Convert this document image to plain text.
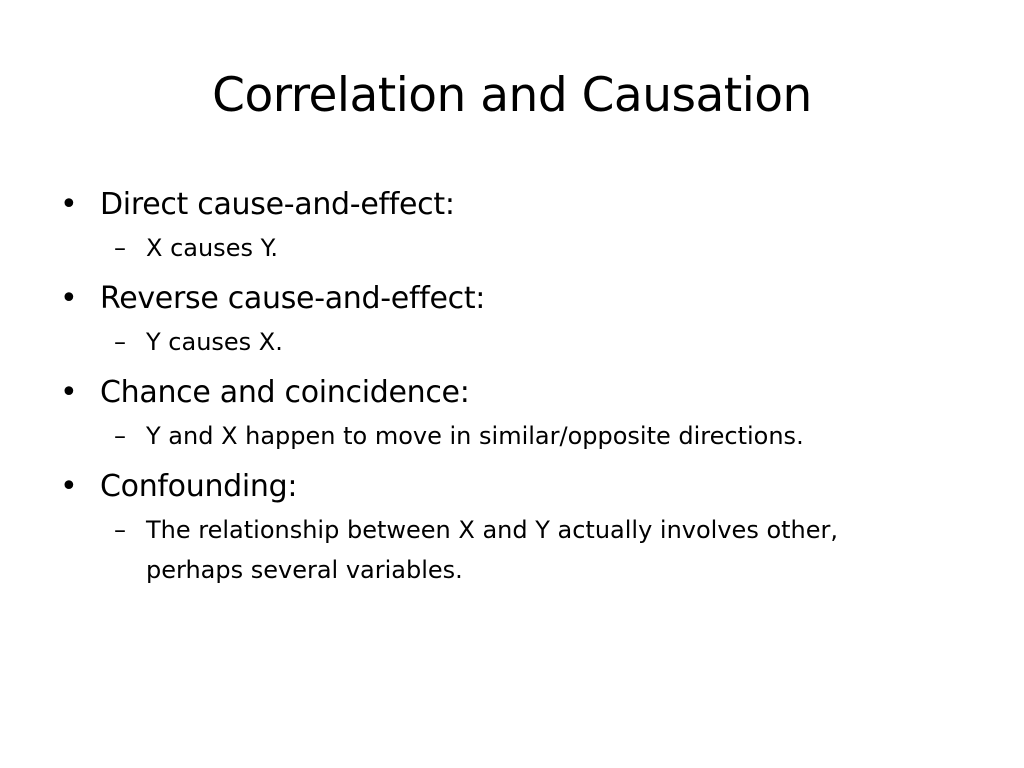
Correlation and Causation
• Direct cause-and-effect:
– X causes Y.
• Reverse cause-and-effect:
– Y causes X.
• Chance and coincidence:
– Y and X happen to move in similar/opposite directions.
• Confounding:
– The relationship between X and Y actually involves other, perhaps several variables.
